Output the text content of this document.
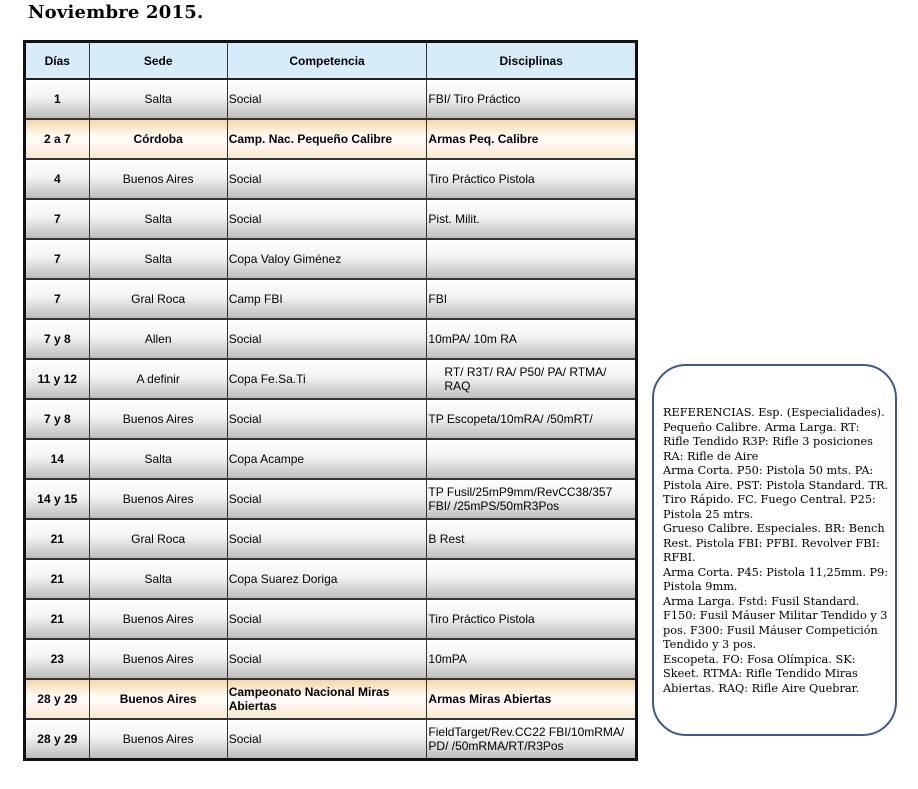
Noviembre 2015.
Días	Sede	Competencia	Disciplinas
1	Salta	Social	FBI/ Tiro Práctico
2 a 7	Córdoba	Camp. Nac. Pequeño Calibre	Armas Peq. Calibre
4	Buenos Aires	Social	Tiro Práctico Pistola
7	Salta	Social	Pist. Milit.
7	Salta	Copa Valoy Giménez	
7	Gral Roca	Camp FBI	FBI
7 y 8	Allen	Social	10mPA/ 10m RA
11 y 12	A definir	Copa Fe.Sa.Ti	RT/ R3T/ RA/ P50/ PA/ RTMA/ RAQ
7 y 8	Buenos Aires	Social	TP Escopeta/10mRA/ /50mRT/
14	Salta	Copa Acampe	
14 y 15	Buenos Aires	Social	TP Fusil/25mP9mm/RevCC38/357 FBI/ /25mPS/50mR3Pos
21	Gral Roca	Social	B Rest
21	Salta	Copa Suarez Doriga	
21	Buenos Aires	Social	Tiro Práctico Pistola
23	Buenos Aires	Social	10mPA
28 y 29	Buenos Aires	Campeonato Nacional Miras Abiertas	Armas Miras Abiertas
28 y 29	Buenos Aires	Social	FieldTarget/Rev.CC22 FBI/10mRMA/ PD/ /50mRMA/RT/R3Pos
REFERENCIAS. Esp. (Especialidades).
Pequeño Calibre. Arma Larga. RT: Rifle Tendido R3P: Rifle 3 posiciones RA: Rifle de Aire
Arma Corta. P50: Pistola 50 mts. PA: Pistola Aire. PST: Pistola Standard. TR. Tiro Rápido. FC. Fuego Central. P25: Pistola 25 mtrs.
Grueso Calibre. Especiales. BR: Bench Rest. Pistola FBI: PFBI. Revolver FBI: RFBI.
Arma Corta. P45: Pistola 11,25mm. P9: Pistola 9mm.
Arma Larga. Fstd: Fusil Standard. F150: Fusil Máuser Militar Tendido y 3 pos. F300: Fusil Máuser Competición Tendido y 3 pos.
Escopeta. FO: Fosa Olímpica. SK: Skeet. RTMA: Rifle Tendido Miras Abiertas. RAQ: Rifle Aire Quebrar.
